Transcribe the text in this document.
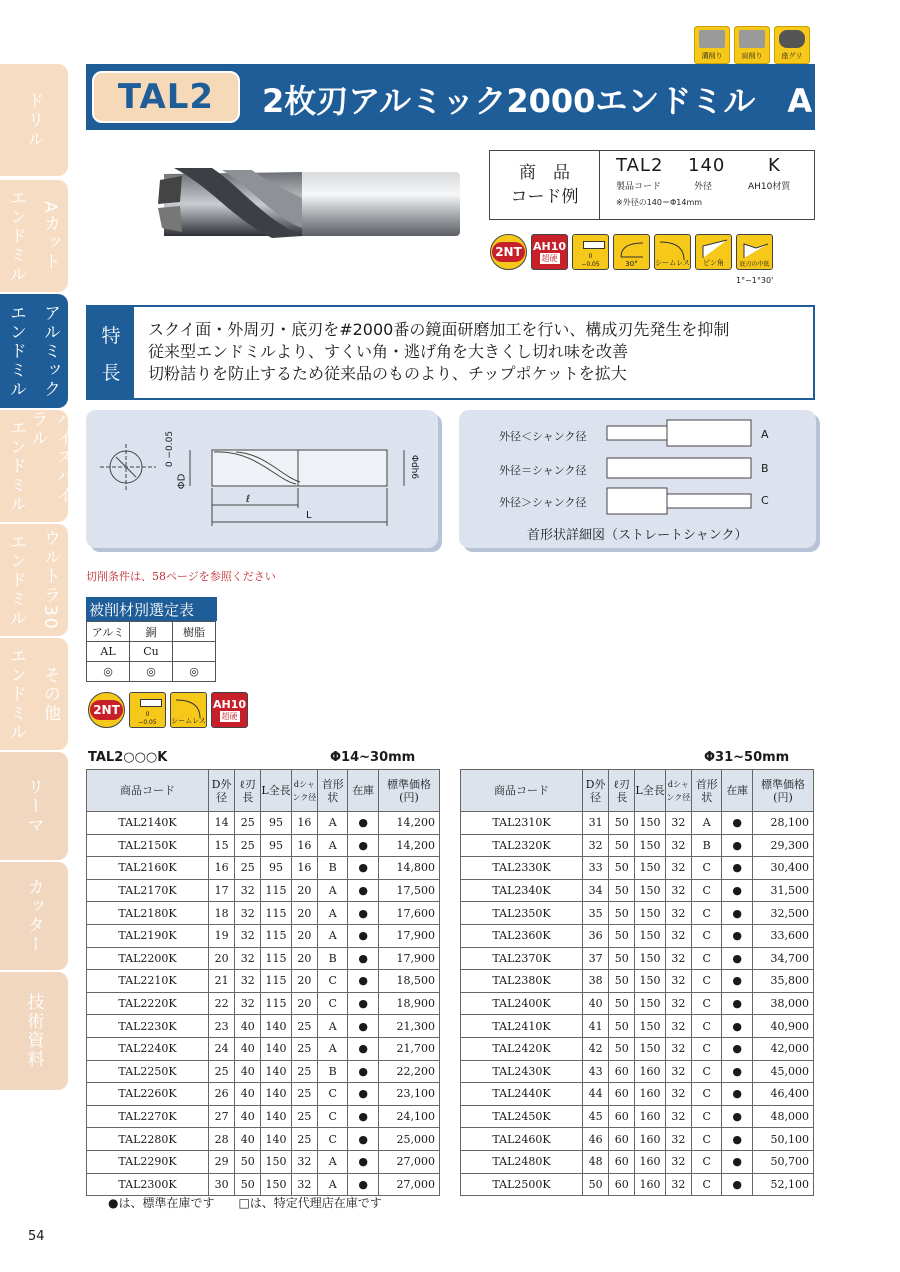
ドリル
エンドミル Aカット
エンドミル アルミック
エンドミル	ハイスパイラル
エンドミル ウルトラ30
エンドミル その他
リーマ
カッター
技術資料
溝削り	肩削り	座グリ
TAL2 2枚刃アルミック2000エンドミル　AH10
商　品
コード例
TAL2 140 K
製品コード	外径	AH10材質
※外径の140＝Φ14mm
2NT AH10
超硬	0
−0.05	30° シームレス ピン角	底刃の中低
1°~1°30'
特
長
スクイ面・外周刃・底刃を#2000番の鏡面研磨加工を行い、構成刃先発生を抑制
従来型エンドミルより、すくい角・逃げ角を大きくし切れ味を改善
切粉詰りを防止するため従来品のものより、チップポケットを拡大
ΦD
0 −0.05	Φdh6
ℓ
L
外径＜シャンク径
外径＝シャンク径
外径＞シャンク径
A
B
C
首形状詳細図（ストレートシャンク）
切削条件は、58ページを参照ください
被削材別選定表
アルミ	銅	樹脂
AL	Cu	
◎	◎	◎
2NT	0
−0.05 シームレス
AH10
超硬
TAL2○○○K	Φ14~30mm	Φ31~50mm
商品コード	D外径	ℓ刃長	L全長	dシャンク径	首形状	在庫	標準価格(円)
TAL2140K	14	25	95	16	A	●	14,200
TAL2150K	15	25	95	16	A	●	14,200
TAL2160K	16	25	95	16	B	●	14,800
TAL2170K	17	32	115	20	A	●	17,500
TAL2180K	18	32	115	20	A	●	17,600
TAL2190K	19	32	115	20	A	●	17,900
TAL2200K	20	32	115	20	B	●	17,900
TAL2210K	21	32	115	20	C	●	18,500
TAL2220K	22	32	115	20	C	●	18,900
TAL2230K	23	40	140	25	A	●	21,300
TAL2240K	24	40	140	25	A	●	21,700
TAL2250K	25	40	140	25	B	●	22,200
TAL2260K	26	40	140	25	C	●	23,100
TAL2270K	27	40	140	25	C	●	24,100
TAL2280K	28	40	140	25	C	●	25,000
TAL2290K	29	50	150	32	A	●	27,000
TAL2300K	30	50	150	32	A	●	27,000
商品コード	D外径	ℓ刃長	L全長	dシャンク径	首形状	在庫	標準価格(円)
TAL2310K	31	50	150	32	A	●	28,100
TAL2320K	32	50	150	32	B	●	29,300
TAL2330K	33	50	150	32	C	●	30,400
TAL2340K	34	50	150	32	C	●	31,500
TAL2350K	35	50	150	32	C	●	32,500
TAL2360K	36	50	150	32	C	●	33,600
TAL2370K	37	50	150	32	C	●	34,700
TAL2380K	38	50	150	32	C	●	35,800
TAL2400K	40	50	150	32	C	●	38,000
TAL2410K	41	50	150	32	C	●	40,900
TAL2420K	42	50	150	32	C	●	42,000
TAL2430K	43	60	160	32	C	●	45,000
TAL2440K	44	60	160	32	C	●	46,400
TAL2450K	45	60	160	32	C	●	48,000
TAL2460K	46	60	160	32	C	●	50,100
TAL2480K	48	60	160	32	C	●	50,700
TAL2500K	50	60	160	32	C	●	52,100
●は、標準在庫です　　□は、特定代理店在庫です
54
